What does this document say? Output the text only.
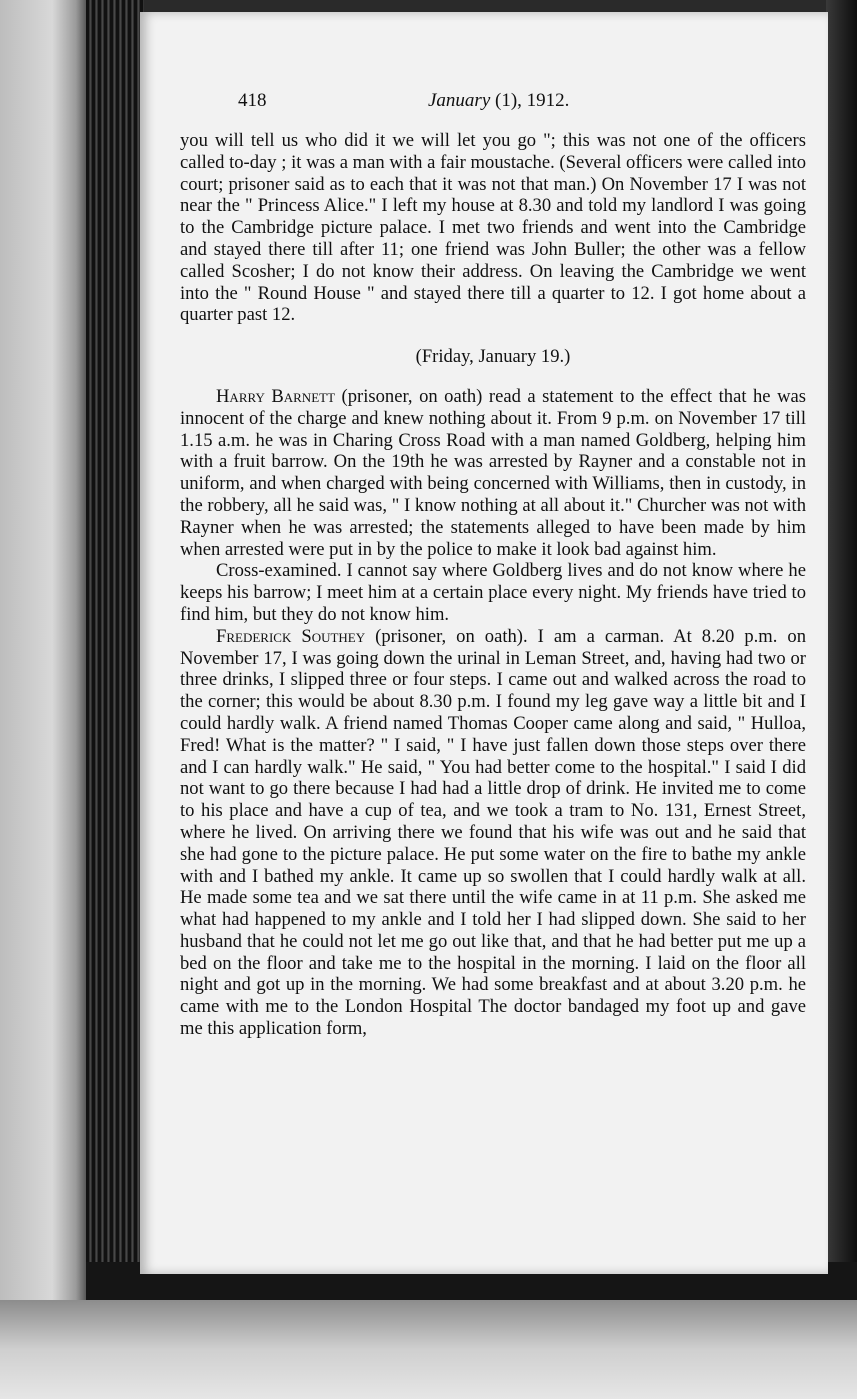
418	January (1), 1912.

you will tell us who did it we will let you go "; this was not one of the officers called to-day ; it was a man with a fair moustache. (Several officers were called into court; prisoner said as to each that it was not that man.) On November 17 I was not near the " Princess Alice." I left my house at 8.30 and told my landlord I was going to the Cambridge picture palace. I met two friends and went into the Cambridge and stayed there till after 11; one friend was John Buller; the other was a fellow called Scosher; I do not know their address. On leaving the Cambridge we went into the " Round House " and stayed there till a quarter to 12. I got home about a quarter past 12.

(Friday, January 19.)

Harry Barnett (prisoner, on oath) read a statement to the effect that he was innocent of the charge and knew nothing about it. From 9 p.m. on November 17 till 1.15 a.m. he was in Charing Cross Road with a man named Goldberg, helping him with a fruit barrow. On the 19th he was arrested by Rayner and a constable not in uniform, and when charged with being concerned with Williams, then in custody, in the robbery, all he said was, " I know nothing at all about it." Churcher was not with Rayner when he was arrested; the statements alleged to have been made by him when arrested were put in by the police to make it look bad against him.

Cross-examined. I cannot say where Goldberg lives and do not know where he keeps his barrow; I meet him at a certain place every night. My friends have tried to find him, but they do not know him.

Frederick Southey (prisoner, on oath). I am a carman. At 8.20 p.m. on November 17, I was going down the urinal in Leman Street, and, having had two or three drinks, I slipped three or four steps. I came out and walked across the road to the corner; this would be about 8.30 p.m. I found my leg gave way a little bit and I could hardly walk. A friend named Thomas Cooper came along and said, " Hulloa, Fred! What is the matter? " I said, " I have just fallen down those steps over there and I can hardly walk." He said, " You had better come to the hospital." I said I did not want to go there because I had had a little drop of drink. He invited me to come to his place and have a cup of tea, and we took a tram to No. 131, Ernest Street, where he lived. On arriving there we found that his wife was out and he said that she had gone to the picture palace. He put some water on the fire to bathe my ankle with and I bathed my ankle. It came up so swollen that I could hardly walk at all. He made some tea and we sat there until the wife came in at 11 p.m. She asked me what had happened to my ankle and I told her I had slipped down. She said to her husband that he could not let me go out like that, and that he had better put me up a bed on the floor and take me to the hospital in the morning. I laid on the floor all night and got up in the morning. We had some breakfast and at about 3.20 p.m. he came with me to the London Hospital The doctor bandaged my foot up and gave me this application form,
